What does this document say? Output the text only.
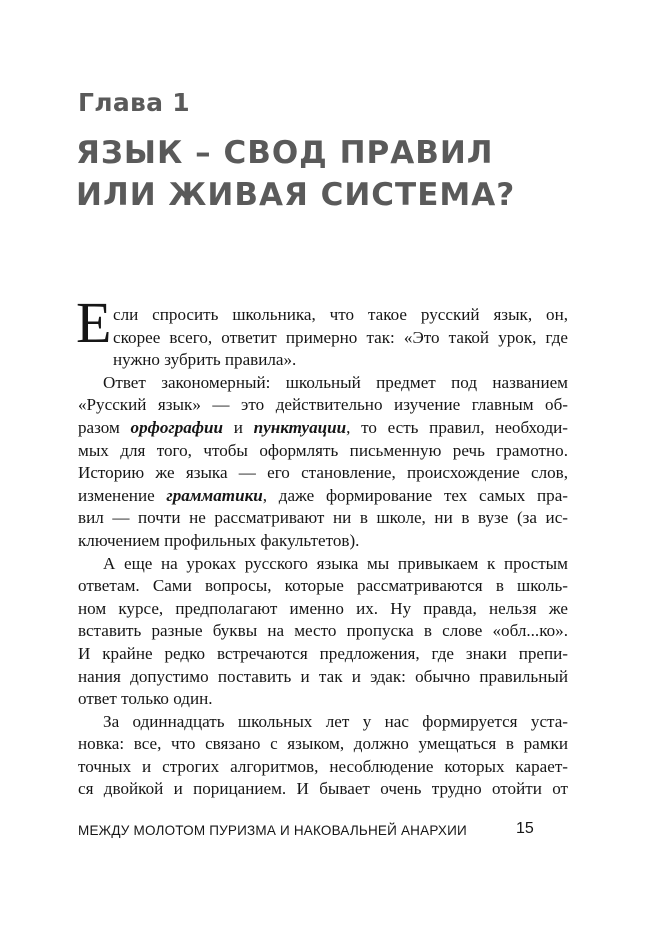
Глава 1
ЯЗЫК – СВОД ПРАВИЛ
ИЛИ ЖИВАЯ СИСТЕМА?
Е сли спросить школьника, что такое русский язык, он,
скорее всего, ответит примерно так: «Это такой урок, где
нужно зубрить правила».
Ответ закономерный: школьный предмет под названием
«Русский язык» — это действительно изучение главным об-
разом орфографии и пунктуации, то есть правил, необходи-
мых для того, чтобы оформлять письменную речь грамотно.
Историю же языка — его становление, происхождение слов,
изменение грамматики, даже формирование тех самых пра-
вил — почти не рассматривают ни в школе, ни в вузе (за ис-
ключением профильных факультетов).
А еще на уроках русского языка мы привыкаем к простым
ответам. Сами вопросы, которые рассматриваются в школь-
ном курсе, предполагают именно их. Ну правда, нельзя же
вставить разные буквы на место пропуска в слове «обл...ко».
И крайне редко встречаются предложения, где знаки препи-
нания допустимо поставить и так и эдак: обычно правильный
ответ только один.
За одиннадцать школьных лет у нас формируется уста-
новка: все, что связано с языком, должно умещаться в рамки
точных и строгих алгоритмов, несоблюдение которых карает-
ся двойкой и порицанием. И бывает очень трудно отойти от
МЕЖДУ МОЛОТОМ ПУРИЗМА И НАКОВАЛЬНЕЙ АНАРХИИ	15
